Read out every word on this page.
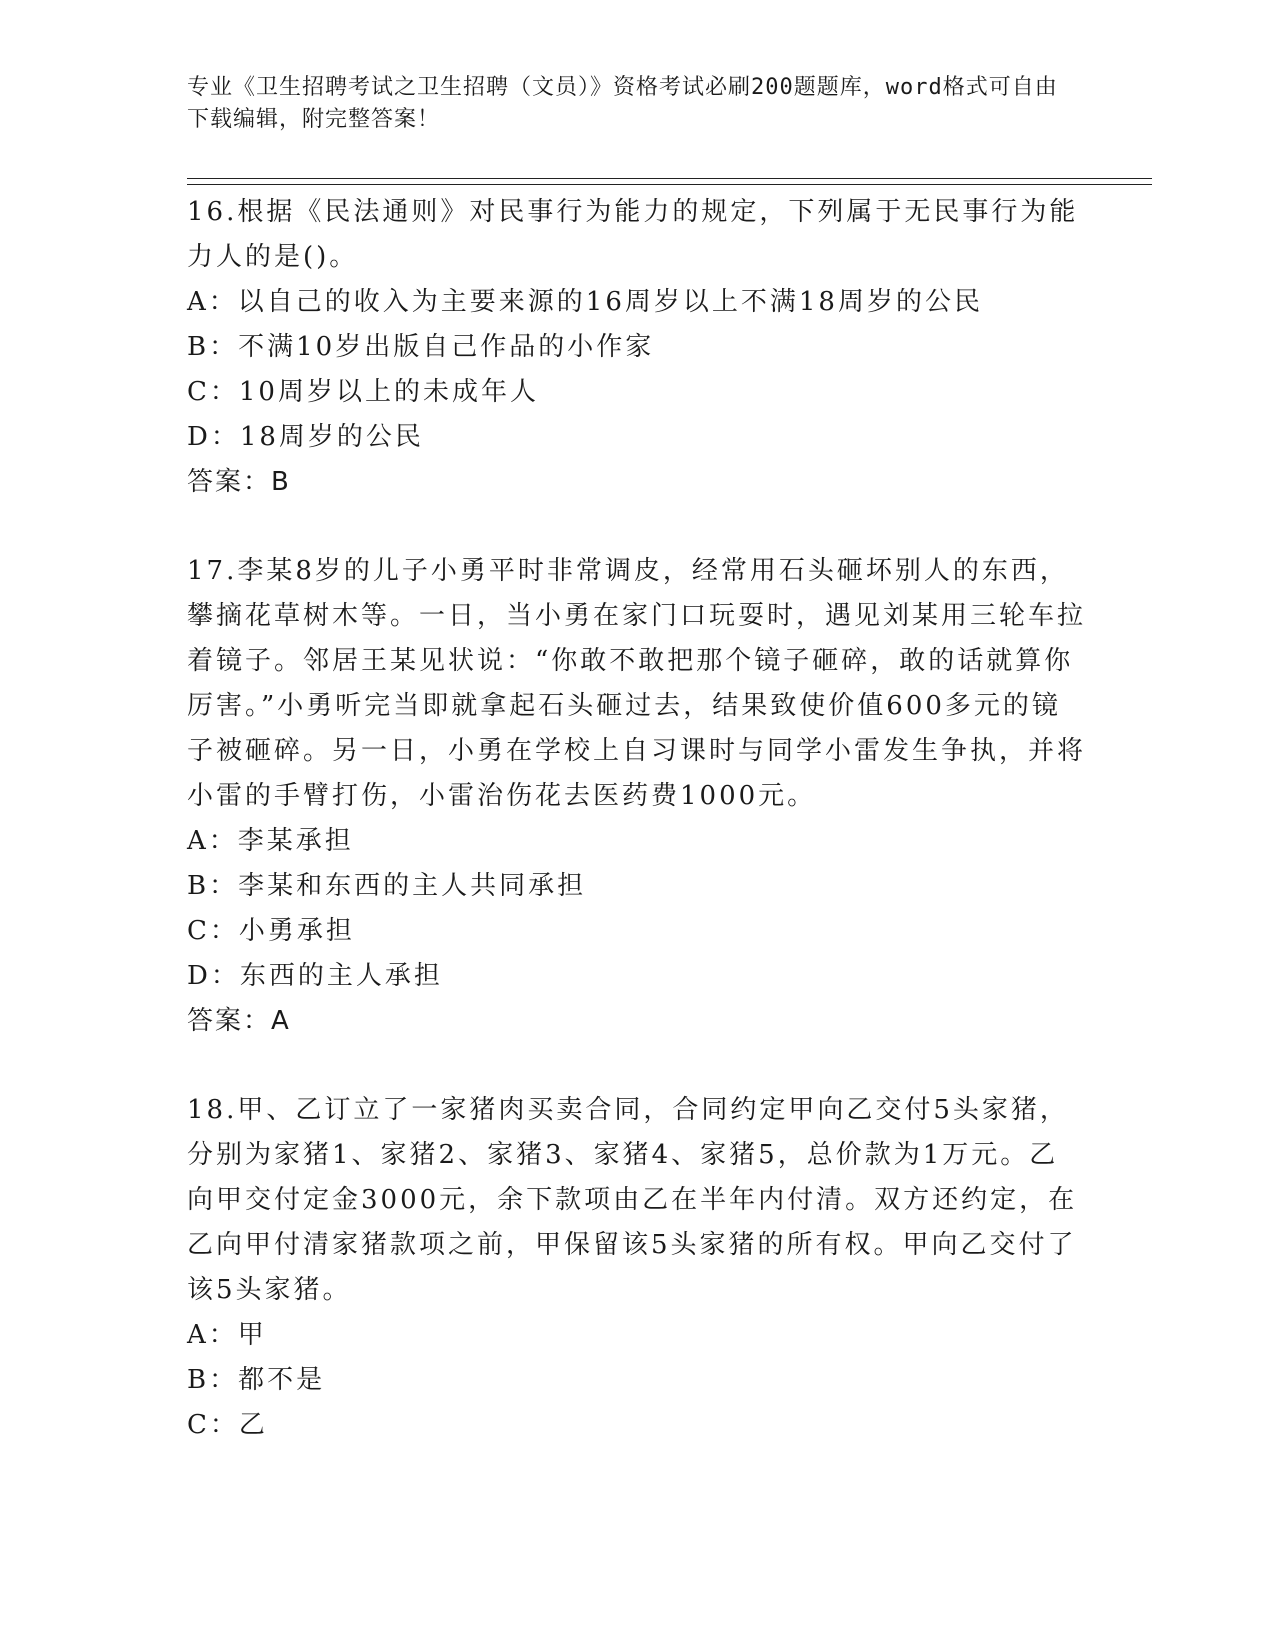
专业《卫生招聘考试之卫生招聘（文员）》资格考试必刷200题题库，word格式可自由下载编辑，附完整答案！

16.根据《民法通则》对民事行为能力的规定，下列属于无民事行为能力人的是()。

A：以自己的收入为主要来源的16周岁以上不满18周岁的公民

B：不满10岁出版自己作品的小作家

C：10周岁以上的未成年人

D：18周岁的公民

答案：B

17.李某8岁的儿子小勇平时非常调皮，经常用石头砸坏别人的东西，攀摘花草树木等。一日，当小勇在家门口玩耍时，遇见刘某用三轮车拉着镜子。邻居王某见状说：“你敢不敢把那个镜子砸碎，敢的话就算你厉害。”小勇听完当即就拿起石头砸过去，结果致使价值600多元的镜子被砸碎。另一日，小勇在学校上自习课时与同学小雷发生争执，并将小雷的手臂打伤，小雷治伤花去医药费1000元。

A：李某承担

B：李某和东西的主人共同承担

C：小勇承担

D：东西的主人承担

答案：A

18.甲、乙订立了一家猪肉买卖合同，合同约定甲向乙交付5头家猪，分别为家猪1、家猪2、家猪3、家猪4、家猪5，总价款为1万元。乙向甲交付定金3000元，余下款项由乙在半年内付清。双方还约定，在乙向甲付清家猪款项之前，甲保留该5头家猪的所有权。甲向乙交付了该5头家猪。

A：甲

B：都不是

C：乙
